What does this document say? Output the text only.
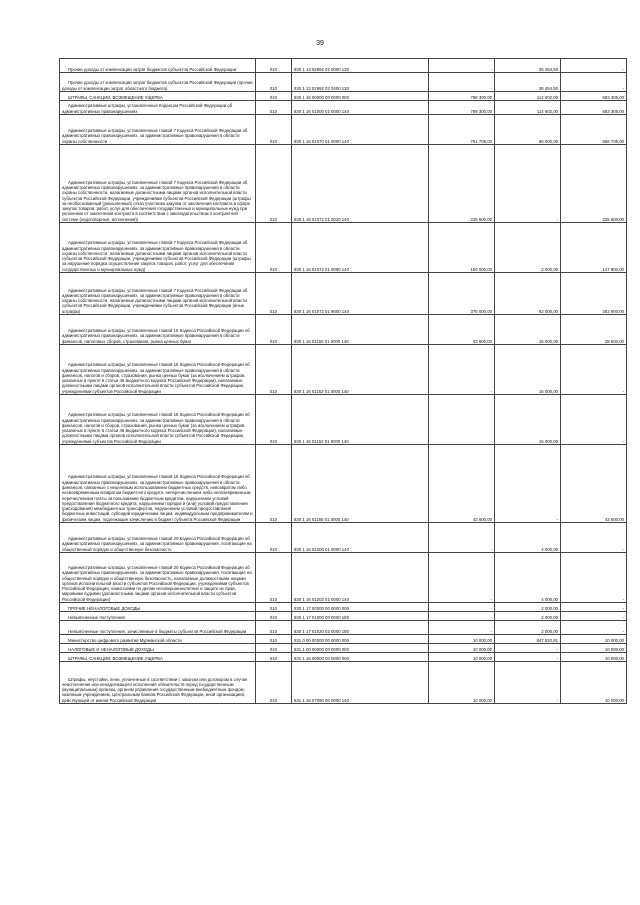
39
Прочие доходы от компенсации затрат бюджетов субъектов Российской Федерации	010	830 1 13 02992 02 0000 130	-	36 454,50	-
Прочие доходы от компенсации затрат бюджетов субъектов Российской Федерации (прочие доходы от компенсации затрат областного бюджета)	010	830 1 13 02992 02 0400 130	-	36 454,50	-
ШТРАФЫ, САНКЦИИ, ВОЗМЕЩЕНИЕ УЩЕРБА	010	830 1 16 00000 00 0000 000	798 300,00	114 602,00	683 305,00
Административные штрафы, установленные Кодексом Российской Федерации об административных правонарушениях	010	830 1 16 01000 01 0000 140	798 300,00	114 602,00	683 305,00
Административные штрафы, установленные главой 7 Кодекса Российской Федерации об административных правонарушениях, за административные правонарушения в области охраны собственности	010	830 1 16 01070 01 0000 140	751 705,00	96 000,00	656 705,00
Административные штрафы, установленные главой 7 Кодекса Российской Федерации об административных правонарушениях, за административные правонарушения в области охраны собственности, налагаемые должностными лицами органов исполнительной власти субъектов Российской Федерации, учреждениями субъектов Российской Федерации (штрафы за необоснованный (умышленный) отказ участника закупки от заключения контракта в сфере закупок товаров, работ, услуг для обеспечения государственных и муниципальных нужд при уклонении от заключения контракта в соответствии с законодательством о контрактной системе (недоговорные, исполнения))	010	830 1 16 01072 01 0020 140	225 600,00	-	225 600,00
Административные штрафы, установленные главой 7 Кодекса Российской Федерации об административных правонарушениях, за административные правонарушения в области охраны собственности, налагаемые должностными лицами органов исполнительной власти субъектов Российской Федерации, учреждениями субъектов Российской Федерации (штрафы за нарушение порядка осуществления закупок товаров, работ, услуг для обеспечения государственных и муниципальных нужд)	010	830 1 16 01072 01 0090 140	150 000,00	2 000,00	147 900,00
Административные штрафы, установленные главой 7 Кодекса Российской Федерации об административных правонарушениях, за административные правонарушения в области охраны собственности, налагаемые должностными лицами органов исполнительной власти субъектов Российской Федерации, учреждениями субъектов Российской Федерации (иные штрафы)	010	830 1 16 01072 01 9000 140	376 000,00	92 000,00	283 900,00
Административные штрафы, установленные главой 15 Кодекса Российской Федерации об административных правонарушениях, за административные правонарушения в области финансов, налоговых сборов, страхования, рынка ценных бумаг	010	830 1 16 01150 01 0000 140	43 600,00	15 000,00	28 600,00
Административные штрафы, установленные главой 15 Кодекса Российской Федерации об административных правонарушениях, за административные правонарушения в области финансов, налогов и сборов, страхования, рынка ценных бумаг (за исключением штрафов, указанных в пункте 6 статьи 46 Бюджетного кодекса Российской Федерации), налагаемые должностными лицами органов исполнительной власти субъектов Российской Федерации, учреждениями субъектов Российской Федерации	010	830 1 16 01152 01 0000 140	-	15 000,00	-
Административные штрафы, установленные главой 15 Кодекса Российской Федерации об административных правонарушениях, за административные правонарушения в области финансов, налогов и сборов, страхования, рынка ценных бумаг (за исключением штрафов, указанных в пункте 6 статьи 46 Бюджетного кодекса Российской Федерации), налагаемые должностными лицами органов исполнительной власти субъектов Российской Федерации, учреждениями субъектов Российской Федерации	010	830 1 16 01152 01 9000 140	-	15 000,00	-
Административные штрафы, установленные главой 15 Кодекса Российской Федерации об административных правонарушениях, за административные правонарушения в области финансов, связанные с нецелевым использованием бюджетных средств, невозвратом либо несвоевременным возвратом бюджетного кредита, неперечислением либо несвоевременным перечислением платы за пользование бюджетным кредитом, нарушением условий предоставления бюджетного кредита, нарушением порядка и (или) условий предоставления (расходования) межбюджетных трансфертов, нарушением условий предоставления бюджетных инвестиций, субсидий юридическим лицам, индивидуальным предпринимателям и физическим лицам, подлежащие зачислению в бюджет субъекта Российской Федерации	010	830 1 16 01155 01 0000 140	43 600,00	-	43 600,00
Административные штрафы, установленные главой 20 Кодекса Российской Федерации об административных правонарушениях, за административные правонарушения, посягающие на общественный порядок и общественную безопасность	010	830 1 16 01200 01 0000 140	-	4 000,00	-
Административные штрафы, установленные главой 20 Кодекса Российской Федерации об административных правонарушениях, за административные правонарушения, посягающие на общественный порядок и общественную безопасность, налагаемые должностными лицами органов исполнительной власти субъектов Российской Федерации, учреждениями субъектов Российской Федерации, комиссиями по делам несовершеннолетних и защите их прав, мировыми судьями (должностными лицами органов исполнительной власти субъектов Российской Федерации)	010	830 1 16 01202 01 0000 140	-	4 000,00	-
ПРОЧИЕ НЕНАЛОГОВЫЕ ДОХОДЫ	010	830 1 17 00000 00 0000 000	-	2 000,00	-
Невыясненные поступления	010	830 1 17 01000 00 0000 180	-	2 000,00	-
Невыясненные поступления, зачисляемые в бюджеты субъектов Российской Федерации	010	830 1 17 01020 02 0000 180	-	2 000,00	-
Министерство цифрового развития Мурманской области	010	831 0 00 00000 00 0000 000	10 000,00	847 520,81	10 000,00
НАЛОГОВЫЕ И НЕНАЛОГОВЫЕ ДОХОДЫ	010	831 1 00 00000 00 0000 000	10 000,00	-	10 000,00
ШТРАФЫ, САНКЦИИ, ВОЗМЕЩЕНИЕ УЩЕРБА	010	831 1 16 00000 00 0000 000	10 000,00	-	10 000,00
Штрафы, неустойки, пени, уплаченные в соответствии с законом или договором в случае неисполнения или ненадлежащего исполнения обязательств перед государственным (муниципальным) органом, органом управления государственным внебюджетным фондом, казенным учреждением, Центральным банком Российской Федерации, иной организацией, действующей от имени Российской Федерации	010	831 1 16 07090 00 0000 140	10 000,00	-	10 000,00
